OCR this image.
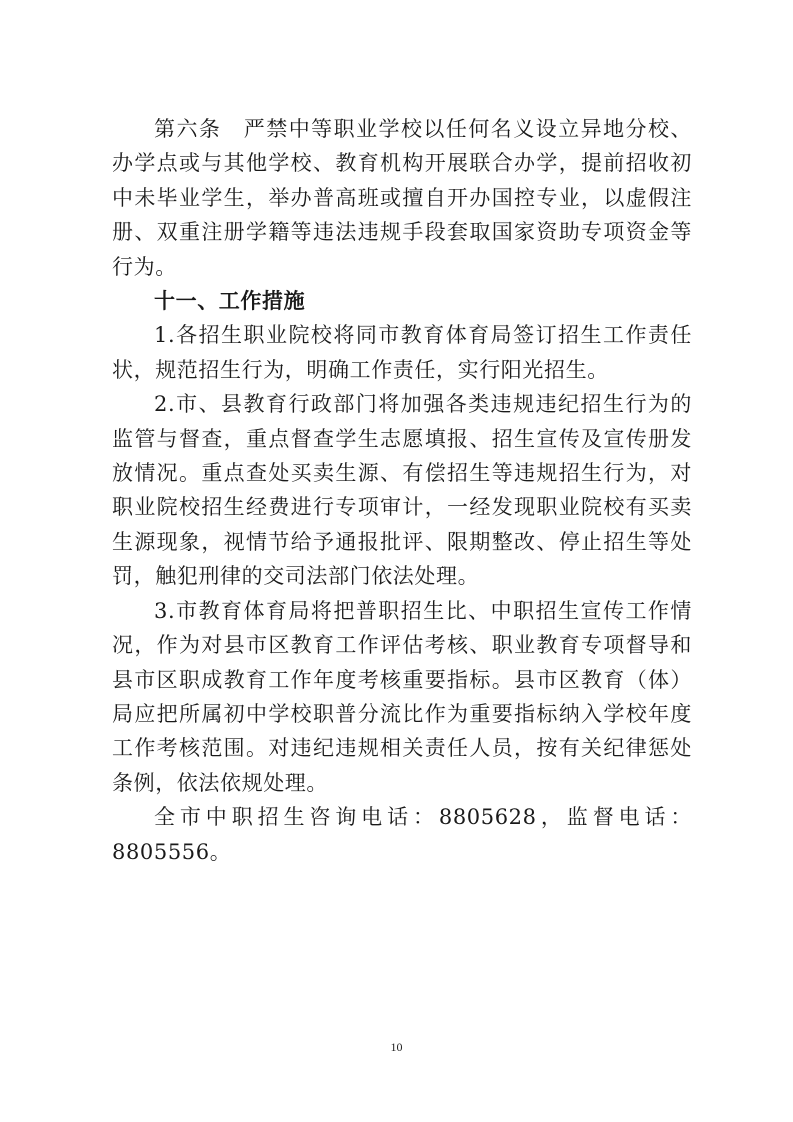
第六条　严禁中等职业学校以任何名义设立异地分校、办学点或与其他学校、教育机构开展联合办学，提前招收初中未毕业学生，举办普高班或擅自开办国控专业，以虚假注册、双重注册学籍等违法违规手段套取国家资助专项资金等行为。

十一、工作措施

1.各招生职业院校将同市教育体育局签订招生工作责任状，规范招生行为，明确工作责任，实行阳光招生。

2.市、县教育行政部门将加强各类违规违纪招生行为的监管与督查，重点督查学生志愿填报、招生宣传及宣传册发放情况。重点查处买卖生源、有偿招生等违规招生行为，对职业院校招生经费进行专项审计，一经发现职业院校有买卖生源现象，视情节给予通报批评、限期整改、停止招生等处罚，触犯刑律的交司法部门依法处理。

3.市教育体育局将把普职招生比、中职招生宣传工作情况，作为对县市区教育工作评估考核、职业教育专项督导和县市区职成教育工作年度考核重要指标。县市区教育（体）局应把所属初中学校职普分流比作为重要指标纳入学校年度工作考核范围。对违纪违规相关责任人员，按有关纪律惩处条例，依法依规处理。

全市中职招生咨询电话：8805628，监督电话：8805556。

10
